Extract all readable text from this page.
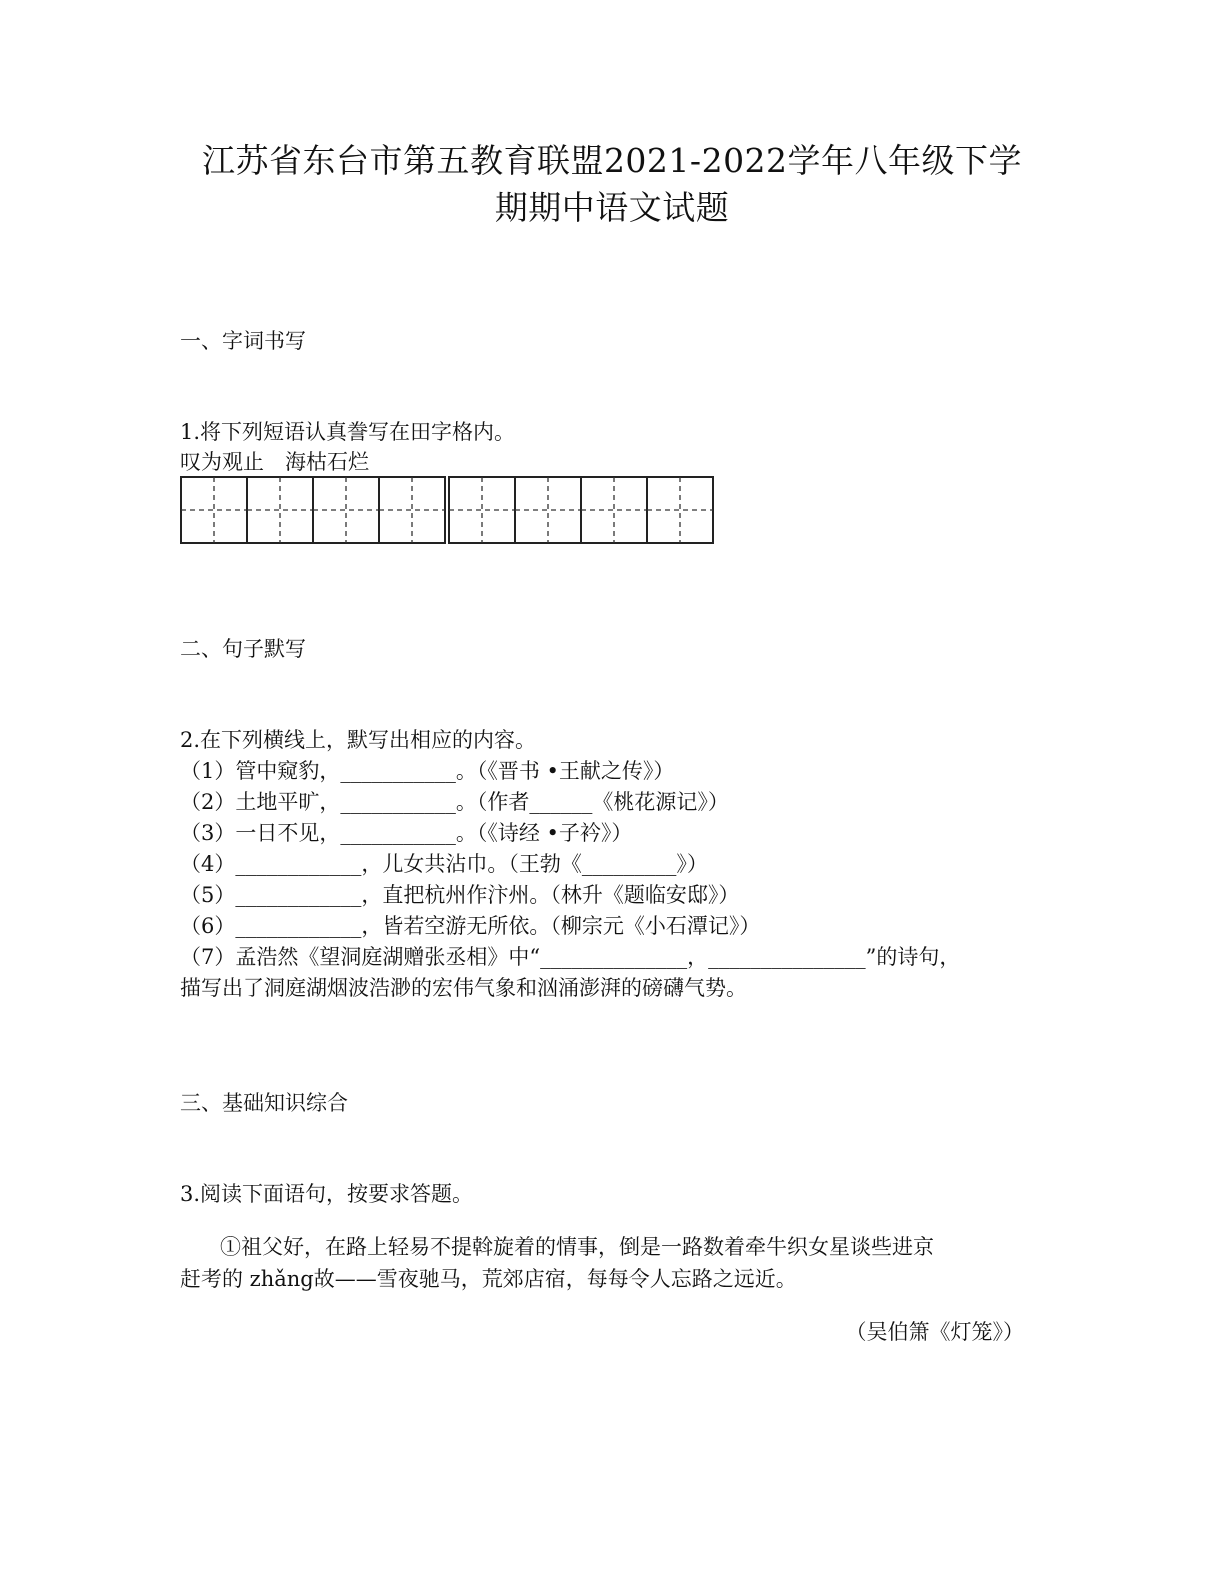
江苏省东台市第五教育联盟2021-2022学年八年级下学
期期中语文试题
一、字词书写
1.将下列短语认真誊写在田字格内。
叹为观止　海枯石烂
二、句子默写
2.在下列横线上，默写出相应的内容。
（1）管中窥豹，___________。（《晋书 •王献之传》）
（2）土地平旷，___________。（作者______《桃花源记》）
（3）一日不见，___________。（《诗经 •子衿》）
（4）____________，儿女共沾巾。（王勃《_________》）
（5）____________，直把杭州作汴州。（林升《题临安邸》）
（6）____________，皆若空游无所依。（柳宗元《小石潭记》）
（7）孟浩然《望洞庭湖赠张丞相》中“______________，_______________”的诗句，
描写出了洞庭湖烟波浩渺的宏伟气象和汹涌澎湃的磅礴气势。
三、基础知识综合
3.阅读下面语句，按要求答题。
①祖父好，在路上轻易不提斡旋着的情事，倒是一路数着牵牛织女星谈些进京
赶考的 zhǎng故——雪夜驰马，荒郊店宿，每每令人忘路之远近。
（吴伯箫《灯笼》）
